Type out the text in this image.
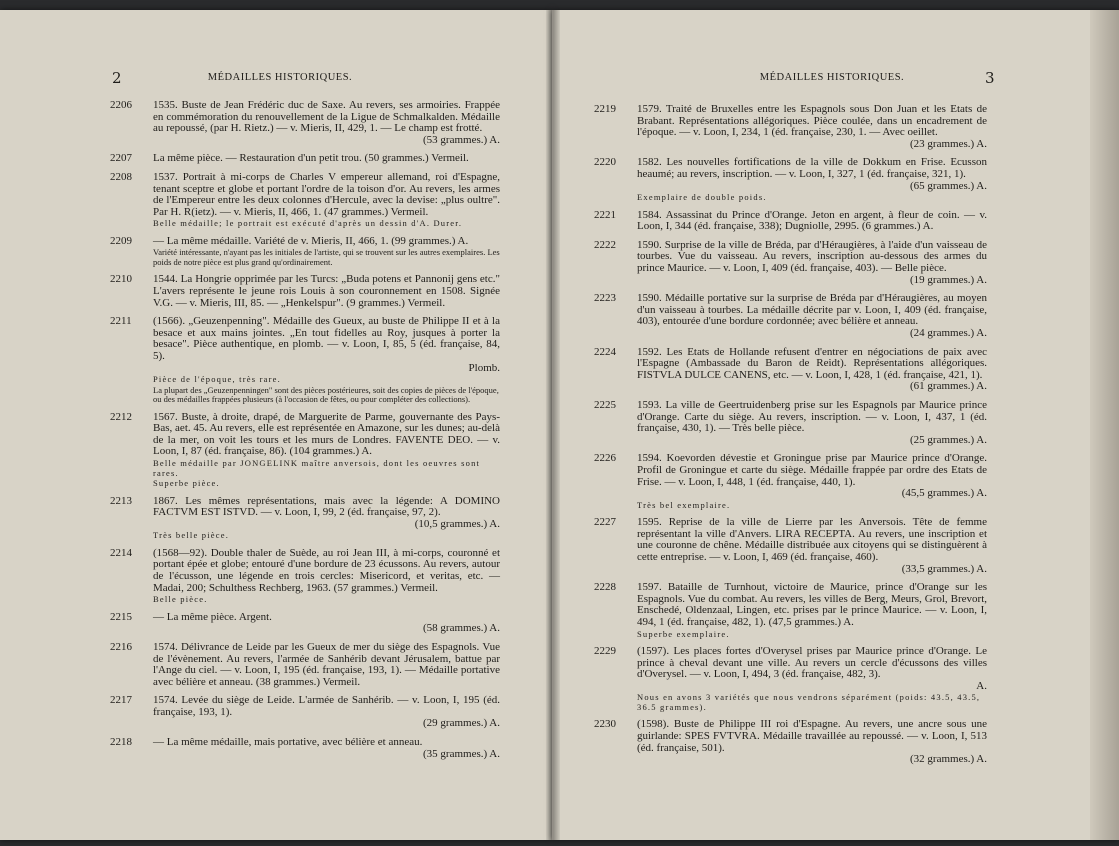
2	MÉDAILLES HISTORIQUES.
2206 1535. Buste de Jean Frédéric duc de Saxe. Au revers, ses armoiries. Frappée en commémoration du renouvellement de la Ligue de Schmalkalden. Médaille au repoussé, (par H. Rietz.) — v. Mieris, II, 429, 1. — Le champ est frotté.
(53 grammes.) A.
2207 La même pièce. — Restauration d'un petit trou. (50 grammes.) Vermeil.
2208 1537. Portrait à mi-corps de Charles V empereur allemand, roi d'Espagne, tenant sceptre et globe et portant l'ordre de la toison d'or. Au revers, les armes de l'Empereur entre les deux colonnes d'Hercule, avec la devise: „plus oultre". Par H. R(ietz). — v. Mieris, II, 466, 1. (47 grammes.) Vermeil.
Belle médaille; le portrait est exécuté d'après un dessin d'A. Durer.
2209 — La même médaille. Variété de v. Mieris, II, 466, 1. (99 grammes.) A.
Variété intéressante, n'ayant pas les initiales de l'artiste, qui se trouvent sur les autres exemplaires. Les poids de notre pièce est plus grand qu'ordinairement.
2210 1544. La Hongrie opprimée par les Turcs: „Buda potens et Pannonij gens etc." L'avers représente le jeune rois Louis à son couronnement en 1508. Signée V.G. — v. Mieris, III, 85. — „Henkelspur". (9 grammes.) Vermeil.
2211 (1566). „Geuzenpenning". Médaille des Gueux, au buste de Philippe II et à la besace et aux mains jointes. „En tout fidelles au Roy, jusques à porter la besace". Pièce authentique, en plomb. — v. Loon, I, 85, 5 (éd. française, 84, 5).
Plomb.
Pièce de l'époque, très rare.
La plupart des „Geuzenpenningen" sont des pièces postérieures, soit des copies de pièces de l'époque, ou des médailles frappées plusieurs (à l'occasion de fêtes, ou pour compléter des collections).
2212 1567. Buste, à droite, drapé, de Marguerite de Parme, gouvernante des Pays-Bas, aet. 45. Au revers, elle est représentée en Amazone, sur les dunes; au-delà de la mer, on voit les tours et les murs de Londres. FAVENTE DEO. — v. Loon, I, 87 (éd. française, 86). (104 grammes.) A.
Belle médaille par JONGELINK maître anversois, dont les oeuvres sont rares.
Superbe pièce.
2213 1867. Les mêmes représentations, mais avec la légende: A DOMINO FACTVM EST ISTVD. — v. Loon, I, 99, 2 (éd. française, 97, 2).
(10,5 grammes.) A.
Très belle pièce.
2214 (1568—92). Double thaler de Suède, au roi Jean III, à mi-corps, couronné et portant épée et globe; entouré d'une bordure de 23 écussons. Au revers, autour de l'écusson, une légende en trois cercles: Misericord, et veritas, etc. — Madai, 200; Schulthess Rechberg, 1963. (57 grammes.) Vermeil.
Belle pièce.
2215 — La même pièce. Argent.
(58 grammes.) A.
2216 1574. Délivrance de Leide par les Gueux de mer du siège des Espagnols. Vue de l'évènement. Au revers, l'armée de Sanhérib devant Jérusalem, battue par l'Ange du ciel. — v. Loon, I, 195 (éd. française, 193, 1). — Médaille portative avec bélière et anneau. (38 grammes.) Vermeil.
2217 1574. Levée du siège de Leide. L'armée de Sanhérib. — v. Loon, I, 195 (éd. française, 193, 1).
(29 grammes.) A.
2218 — La même médaille, mais portative, avec bélière et anneau.
(35 grammes.) A.
3
MÉDAILLES HISTORIQUES.
2219 1579. Traité de Bruxelles entre les Espagnols sous Don Juan et les Etats de Brabant. Représentations allégoriques. Pièce coulée, dans un encadrement de l'époque. — v. Loon, I, 234, 1 (éd. française, 230, 1. — Avec oeillet.
(23 grammes.) A.
2220 1582. Les nouvelles fortifications de la ville de Dokkum en Frise. Ecusson heaumé; au revers, inscription. — v. Loon, I, 327, 1 (éd. française, 321, 1).
(65 grammes.) A.
Exemplaire de double poids.
2221 1584. Assassinat du Prince d'Orange. Jeton en argent, à fleur de coin. — v. Loon, I, 344 (éd. française, 338); Dugniolle, 2995. (6 grammes.) A.
2222 1590. Surprise de la ville de Bréda, par d'Héraugières, à l'aide d'un vaisseau de tourbes. Vue du vaisseau. Au revers, inscription au-dessous des armes du prince Maurice. — v. Loon, I, 409 (éd. française, 403). — Belle pièce.
(19 grammes.) A.
2223 1590. Médaille portative sur la surprise de Bréda par d'Héraugières, au moyen d'un vaisseau à tourbes. La médaille décrite par v. Loon, I, 409 (éd. française, 403), entourée d'une bordure cordonnée; avec bélière et anneau.
(24 grammes.) A.
2224 1592. Les Etats de Hollande refusent d'entrer en négociations de paix avec l'Espagne (Ambassade du Baron de Reidt). Représentations allégoriques. FISTVLA DULCE CANENS, etc. — v. Loon, I, 428, 1 (éd. française, 421, 1).
(61 grammes.) A.
2225 1593. La ville de Geertruidenberg prise sur les Espagnols par Maurice prince d'Orange. Carte du siège. Au revers, inscription. — v. Loon, I, 437, 1 (éd. française, 430, 1). — Très belle pièce.
(25 grammes.) A.
2226 1594. Koevorden dévestie et Groningue prise par Maurice prince d'Orange. Profil de Groningue et carte du siège. Médaille frappée par ordre des Etats de Frise. — v. Loon, I, 448, 1 (éd. française, 440, 1).
(45,5 grammes.) A.
Très bel exemplaire.
2227 1595. Reprise de la ville de Lierre par les Anversois. Tête de femme représentant la ville d'Anvers. LIRA RECEPTA. Au revers, une inscription et une couronne de chêne. Médaille distribuée aux citoyens qui se distinguèrent à cette entreprise. — v. Loon, I, 469 (éd. française, 460).
(33,5 grammes.) A.
2228 1597. Bataille de Turnhout, victoire de Maurice, prince d'Orange sur les Espagnols. Vue du combat. Au revers, les villes de Berg, Meurs, Grol, Brevort, Enschedé, Oldenzaal, Lingen, etc. prises par le prince Maurice. — v. Loon, I, 494, 1 (éd. française, 482, 1). (47,5 grammes.) A.
Superbe exemplaire.
2229 (1597). Les places fortes d'Overysel prises par Maurice prince d'Orange. Le prince à cheval devant une ville. Au revers un cercle d'écussons des villes d'Overysel. — v. Loon, I, 494, 3 (éd. française, 482, 3).
A.
Nous en avons 3 variétés que nous vendrons séparément (poids: 43.5, 43.5, 36.5 grammes).
2230 (1598). Buste de Philippe III roi d'Espagne. Au revers, une ancre sous une guirlande: SPES FVTVRA. Médaille travaillée au repoussé. — v. Loon, I, 513 (éd. française, 501).
(32 grammes.) A.
